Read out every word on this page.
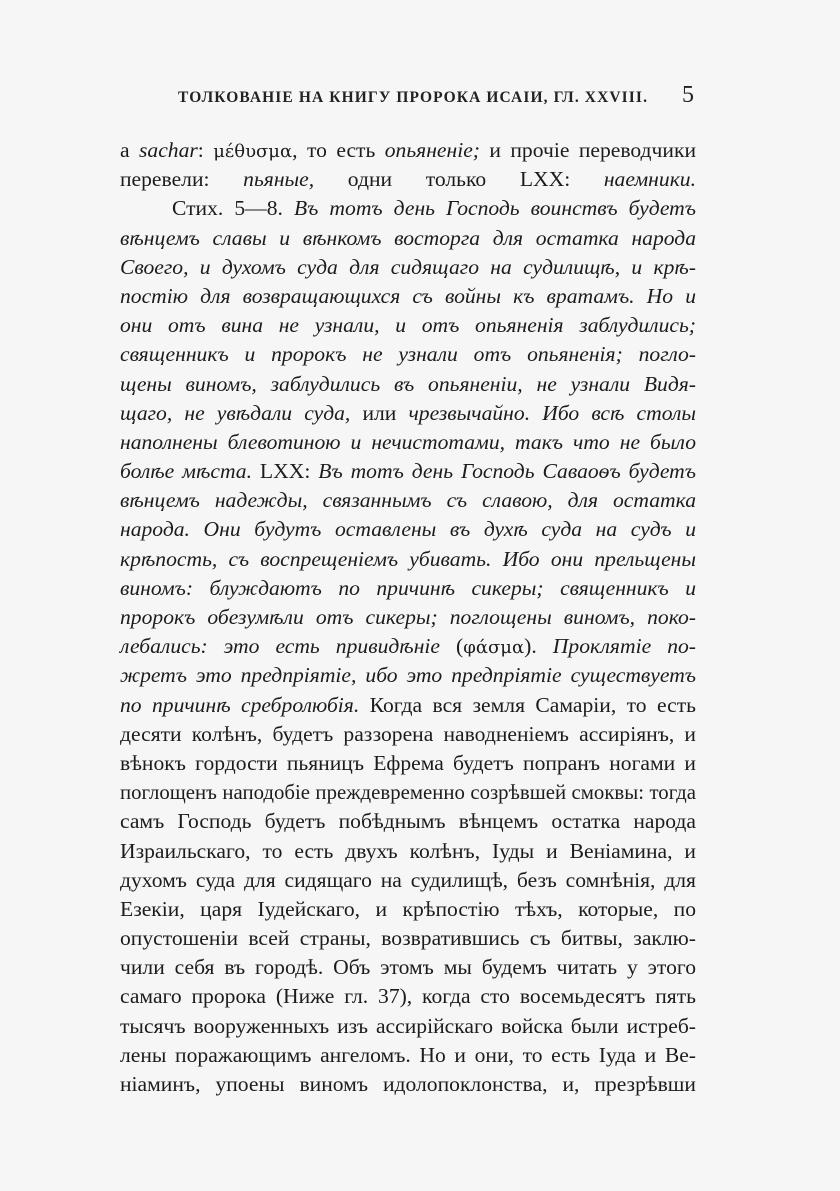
ТОЛКОВАНІЕ НА КНИГУ ПРОРОКА ИСАІИ, ГЛ. XXVIII. 5
а sachar: μέθυσμα, то есть опьяненіе; и прочіе переводчики
перевели: пьяные, одни только LXX: наемники.
Стих. 5—8. Въ тотъ день Господь воинствъ будетъ
вѣнцемъ славы и вѣнкомъ восторга для остатка народа
Своего, и духомъ суда для сидящаго на судилищѣ, и крѣ-
постію для возвращающихся съ войны къ вратамъ. Но и
они отъ вина не узнали, и отъ опьяненія заблудились;
священникъ и пророкъ не узнали отъ опьяненія; погло-
щены виномъ, заблудились въ опьяненіи, не узнали Видя-
щаго, не увѣдали суда, или чрезвычайно. Ибо всѣ столы
наполнены блевотиною и нечистотами, такъ что не было
болѣе мѣста. LXX: Въ тотъ день Господь Саваоѳъ будетъ
вѣнцемъ надежды, связаннымъ съ славою, для остатка
народа. Они будутъ оставлены въ духѣ суда на судъ и
крѣпость, съ воспрещеніемъ убивать. Ибо они прельщены
виномъ: блуждаютъ по причинѣ сикеры; священникъ и
пророкъ обезумѣли отъ сикеры; поглощены виномъ, поко-
лебались: это есть привидѣніе (φάσμα). Проклятіе по-
жретъ это предпріятіе, ибо это предпріятіе существуетъ
по причинѣ сребролюбія. Когда вся земля Самаріи, то есть
десяти колѣнъ, будетъ раззорена наводненіемъ ассиріянъ, и
вѣнокъ гордости пьяницъ Ефрема будетъ попранъ ногами и
поглощенъ наподобіе преждевременно созрѣвшей смоквы: тогда
самъ Господь будетъ побѣднымъ вѣнцемъ остатка народа
Израильскаго, то есть двухъ колѣнъ, Іуды и Веніамина, и
духомъ суда для сидящаго на судилищѣ, безъ сомнѣнія, для
Езекіи, царя Іудейскаго, и крѣпостію тѣхъ, которые, по
опустошеніи всей страны, возвратившись съ битвы, заклю-
чили себя въ городѣ. Объ этомъ мы будемъ читать у этого
самаго пророка (Ниже гл. 37), когда сто восемьдесятъ пять
тысячъ вооруженныхъ изъ ассирійскаго войска были истреб-
лены поражающимъ ангеломъ. Но и они, то есть Іуда и Ве-
ніаминъ, упоены виномъ идолопоклонства, и, презрѣвши
